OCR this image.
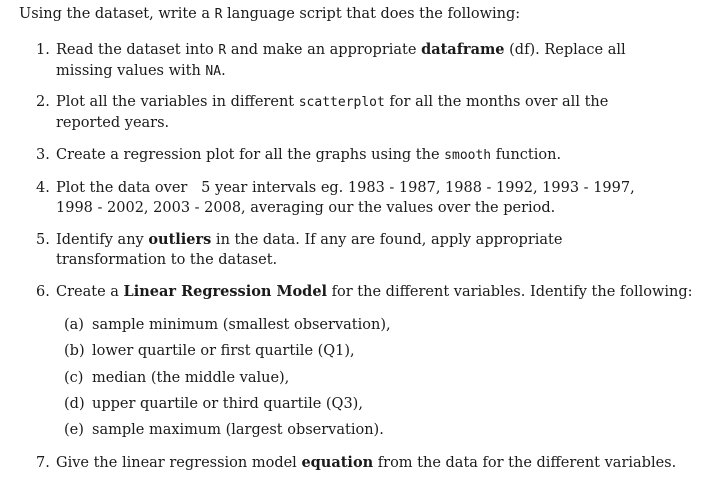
Using the dataset, write a R language script that does the following:
1. Read the dataset into R and make an appropriate dataframe (df). Replace all missing values with NA.
2. Plot all the variables in different scatterplot for all the months over all the reported years.
3. Create a regression plot for all the graphs using the smooth function.
4. Plot the data over   5 year intervals eg. 1983 - 1987, 1988 - 1992, 1993 - 1997, 1998 - 2002, 2003 - 2008, averaging our the values over the period.
5. Identify any outliers in the data. If any are found, apply appropriate transformation to the dataset.
6. Create a Linear Regression Model for the different variables. Identify the following:
(a) sample minimum (smallest observation),
(b) lower quartile or first quartile (Q1),
(c) median (the middle value),
(d) upper quartile or third quartile (Q3),
(e) sample maximum (largest observation).
7. Give the linear regression model equation from the data for the different variables.
